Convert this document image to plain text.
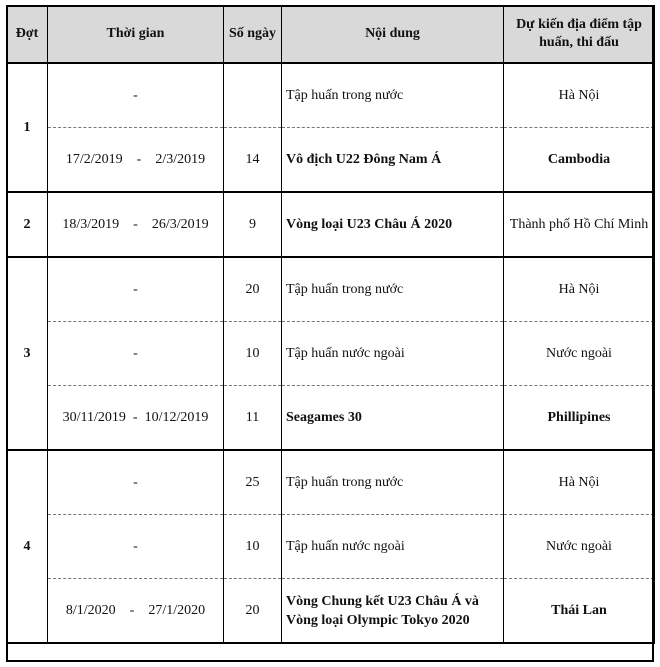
Đợt	Thời gian	Số ngày	Nội dung	Dự kiến địa điểm tập huấn, thi đấu
1	-		Tập huấn trong nước	Hà Nội
	17/2/2019    -    2/3/2019	14	Vô địch U22 Đông Nam Á	Cambodia
2	18/3/2019    -    26/3/2019	9	Vòng loại U23 Châu Á 2020	Thành phố Hồ Chí Minh
3	-	20	Tập huấn trong nước	Hà Nội
	-	10	Tập huấn nước ngoài	Nước ngoài
	30/11/2019  -  10/12/2019	11	Seagames 30	Phillipines
4	-	25	Tập huấn trong nước	Hà Nội
	-	10	Tập huấn nước ngoài	Nước ngoài
	8/1/2020    -    27/1/2020	20	Vòng Chung kết U23 Châu Á và Vòng loại Olympic Tokyo 2020	Thái Lan
